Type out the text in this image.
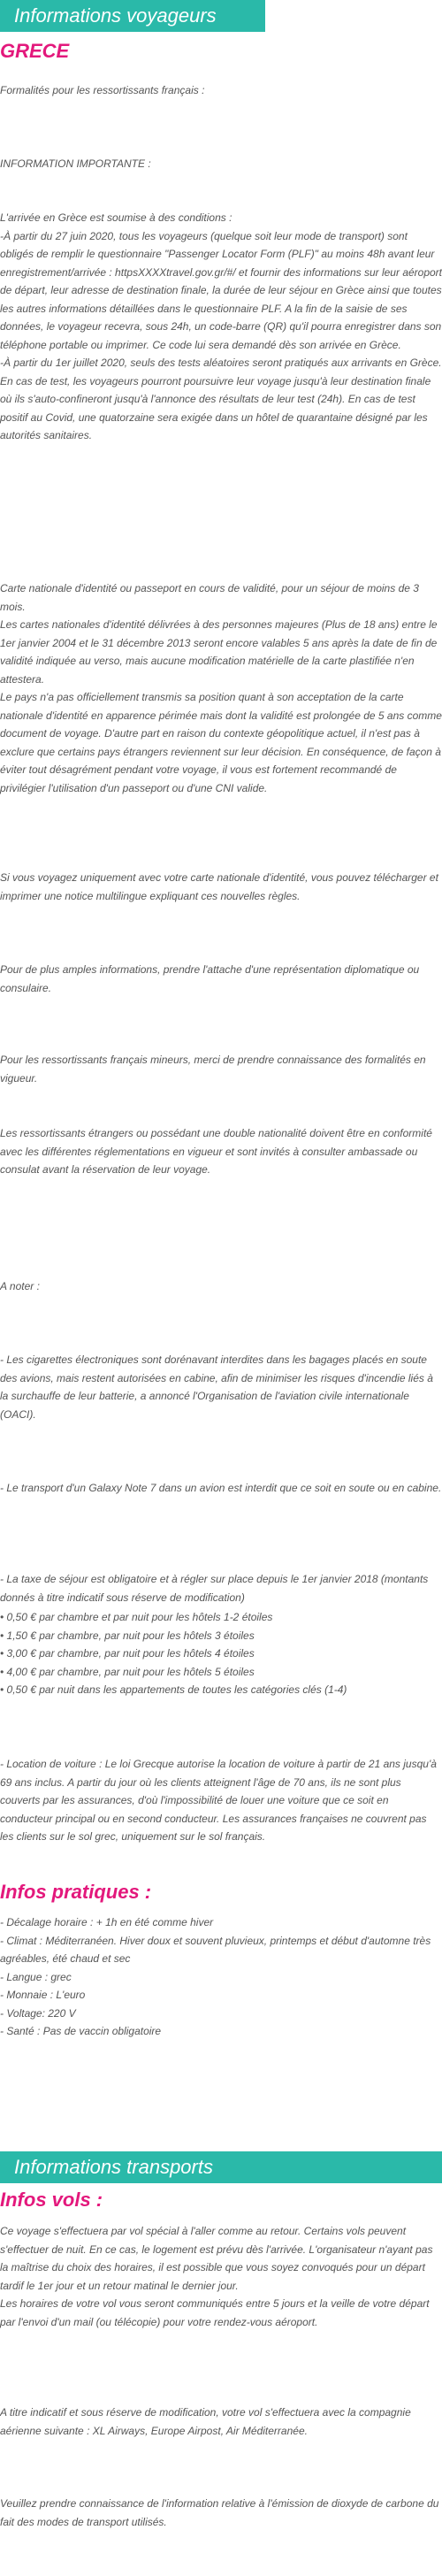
Informations voyageurs
GRECE

Formalités pour les ressortissants français :

INFORMATION IMPORTANTE :

L'arrivée en Grèce est soumise à des conditions :

-À partir du 27 juin 2020, tous les voyageurs (quelque soit leur mode de transport) sont obligés de remplir le questionnaire "Passenger Locator Form (PLF)" au moins 48h avant leur enregistrement/arrivée : httpsXXXXtravel.gov.gr/#/ et fournir des informations sur leur aéroport de départ, leur adresse de destination finale, la durée de leur séjour en Grèce ainsi que toutes les autres informations détaillées dans le questionnaire PLF. A la fin de la saisie de ses données, le voyageur recevra, sous 24h, un code-barre (QR) qu'il pourra enregistrer dans son téléphone portable ou imprimer. Ce code lui sera demandé dès son arrivée en Grèce.

-À partir du 1er juillet 2020, seuls des tests aléatoires seront pratiqués aux arrivants en Grèce. En cas de test, les voyageurs pourront poursuivre leur voyage jusqu'à leur destination finale où ils s'auto-confineront jusqu'à l'annonce des résultats de leur test (24h). En cas de test positif au Covid, une quatorzaine sera exigée dans un hôtel de quarantaine désigné par les autorités sanitaires.

Carte nationale d'identité ou passeport en cours de validité, pour un séjour de moins de 3 mois.

Les cartes nationales d'identité délivrées à des personnes majeures (Plus de 18 ans) entre le 1er janvier 2004 et le 31 décembre 2013 seront encore valables 5 ans après la date de fin de validité indiquée au verso, mais aucune modification matérielle de la carte plastifiée n'en attestera.

Le pays n'a pas officiellement transmis sa position quant à son acceptation de la carte nationale d'identité en apparence périmée mais dont la validité est prolongée de 5 ans comme document de voyage. D'autre part en raison du contexte géopolitique actuel, il n'est pas à exclure que certains pays étrangers reviennent sur leur décision. En conséquence, de façon à éviter tout désagrément pendant votre voyage, il vous est fortement recommandé de privilégier l'utilisation d'un passeport ou d'une CNI valide.

Si vous voyagez uniquement avec votre carte nationale d'identité, vous pouvez télécharger et imprimer une notice multilingue expliquant ces nouvelles règles.

Pour de plus amples informations, prendre l'attache d'une représentation diplomatique ou consulaire.

Pour les ressortissants français mineurs, merci de prendre connaissance des formalités en vigueur.

Les ressortissants étrangers ou possédant une double nationalité doivent être en conformité avec les différentes réglementations en vigueur et sont invités à consulter ambassade ou consulat avant la réservation de leur voyage.

A noter :

- Les cigarettes électroniques sont dorénavant interdites dans les bagages placés en soute des avions, mais restent autorisées en cabine, afin de minimiser les risques d'incendie liés à la surchauffe de leur batterie, a annoncé l'Organisation de l'aviation civile internationale (OACI).

- Le transport d'un Galaxy Note 7 dans un avion est interdit que ce soit en soute ou en cabine.

- La taxe de séjour est obligatoire et à régler sur place depuis le 1er janvier 2018 (montants donnés à titre indicatif sous réserve de modification)

• 0,50 € par chambre et par nuit pour les hôtels 1-2 étoiles
• 1,50 € par chambre, par nuit pour les hôtels 3 étoiles
• 3,00 € par chambre, par nuit pour les hôtels 4 étoiles
• 4,00 € par chambre, par nuit pour les hôtels 5 étoiles
• 0,50 € par nuit dans les appartements de toutes les catégories clés (1-4)

- Location de voiture : Le loi Grecque autorise la location de voiture à partir de 21 ans jusqu'à 69 ans inclus. A partir du jour où les clients atteignent l'âge de 70 ans, ils ne sont plus couverts par les assurances, d'où l'impossibilité de louer une voiture que ce soit en conducteur principal ou en second conducteur. Les assurances françaises ne couvrent pas les clients sur le sol grec, uniquement sur le sol français.

Infos pratiques :
- Décalage horaire : + 1h en été comme hiver
- Climat : Méditerranéen. Hiver doux et souvent pluvieux, printemps et début d'automne très agréables, été chaud et sec
- Langue : grec
- Monnaie : L'euro
- Voltage: 220 V
- Santé : Pas de vaccin obligatoire
Informations transports
Infos vols :

Ce voyage s'effectuera par vol spécial à l'aller comme au retour. Certains vols peuvent s'effectuer de nuit. En ce cas, le logement est prévu dès l'arrivée. L'organisateur n'ayant pas la maîtrise du choix des horaires, il est possible que vous soyez convoqués pour un départ tardif le 1er jour et un retour matinal le dernier jour.

Les horaires de votre vol vous seront communiqués entre 5 jours et la veille de votre départ par l'envoi d'un mail (ou télécopie) pour votre rendez-vous aéroport.

A titre indicatif et sous réserve de modification, votre vol s'effectuera avec la compagnie aérienne suivante : XL Airways, Europe Airpost, Air Méditerranée.

Veuillez prendre connaissance de l'information relative à l'émission de dioxyde de carbone du fait des modes de transport utilisés.
